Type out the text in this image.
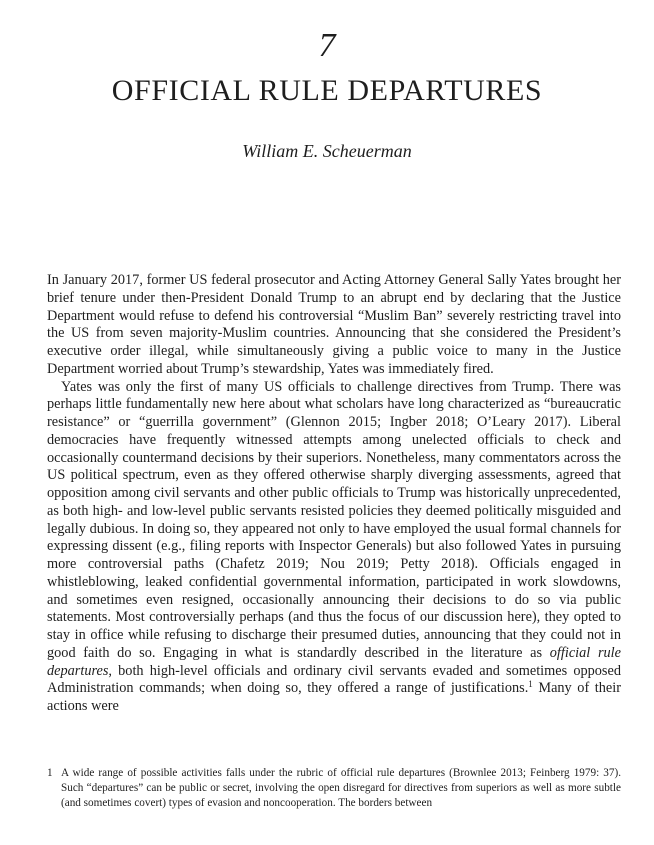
7
OFFICIAL RULE DEPARTURES
William E. Scheuerman

In January 2017, former US federal prosecutor and Acting Attorney General Sally Yates brought her brief tenure under then-President Donald Trump to an abrupt end by declaring that the Justice Department would refuse to defend his controversial “Muslim Ban” severely restricting travel into the US from seven majority-Muslim countries. Announcing that she considered the President’s executive order illegal, while simultaneously giving a public voice to many in the Justice Department worried about Trump’s stewardship, Yates was immediately fired.

Yates was only the first of many US officials to challenge directives from Trump. There was perhaps little fundamentally new here about what scholars have long characterized as “bureaucratic resistance” or “guerrilla government” (Glennon 2015; Ingber 2018; O’Leary 2017). Liberal democracies have frequently witnessed attempts among unelected officials to check and occasionally countermand decisions by their superiors. Nonetheless, many commentators across the US political spectrum, even as they offered otherwise sharply diverging assessments, agreed that opposition among civil servants and other public officials to Trump was historically unprecedented, as both high- and low-level public servants resisted policies they deemed politically misguided and legally dubious. In doing so, they appeared not only to have employed the usual formal channels for expressing dissent (e.g., filing reports with Inspector Generals) but also followed Yates in pursuing more controversial paths (Chafetz 2019; Nou 2019; Petty 2018). Officials engaged in whistleblowing, leaked confidential governmental information, participated in work slowdowns, and sometimes even resigned, occasionally announcing their decisions to do so via public statements. Most controversially perhaps (and thus the focus of our discussion here), they opted to stay in office while refusing to discharge their presumed duties, announcing that they could not in good faith do so. Engaging in what is standardly described in the literature as official rule departures, both high-level officials and ordinary civil servants evaded and sometimes opposed Administration commands; when doing so, they offered a range of justifications.$^1$ Many of their actions were

1 A wide range of possible activities falls under the rubric of official rule departures (Brownlee 2013; Feinberg 1979: 37). Such “departures” can be public or secret, involving the open disregard for directives from superiors as well as more subtle (and sometimes covert) types of evasion and noncooperation. The borders between
